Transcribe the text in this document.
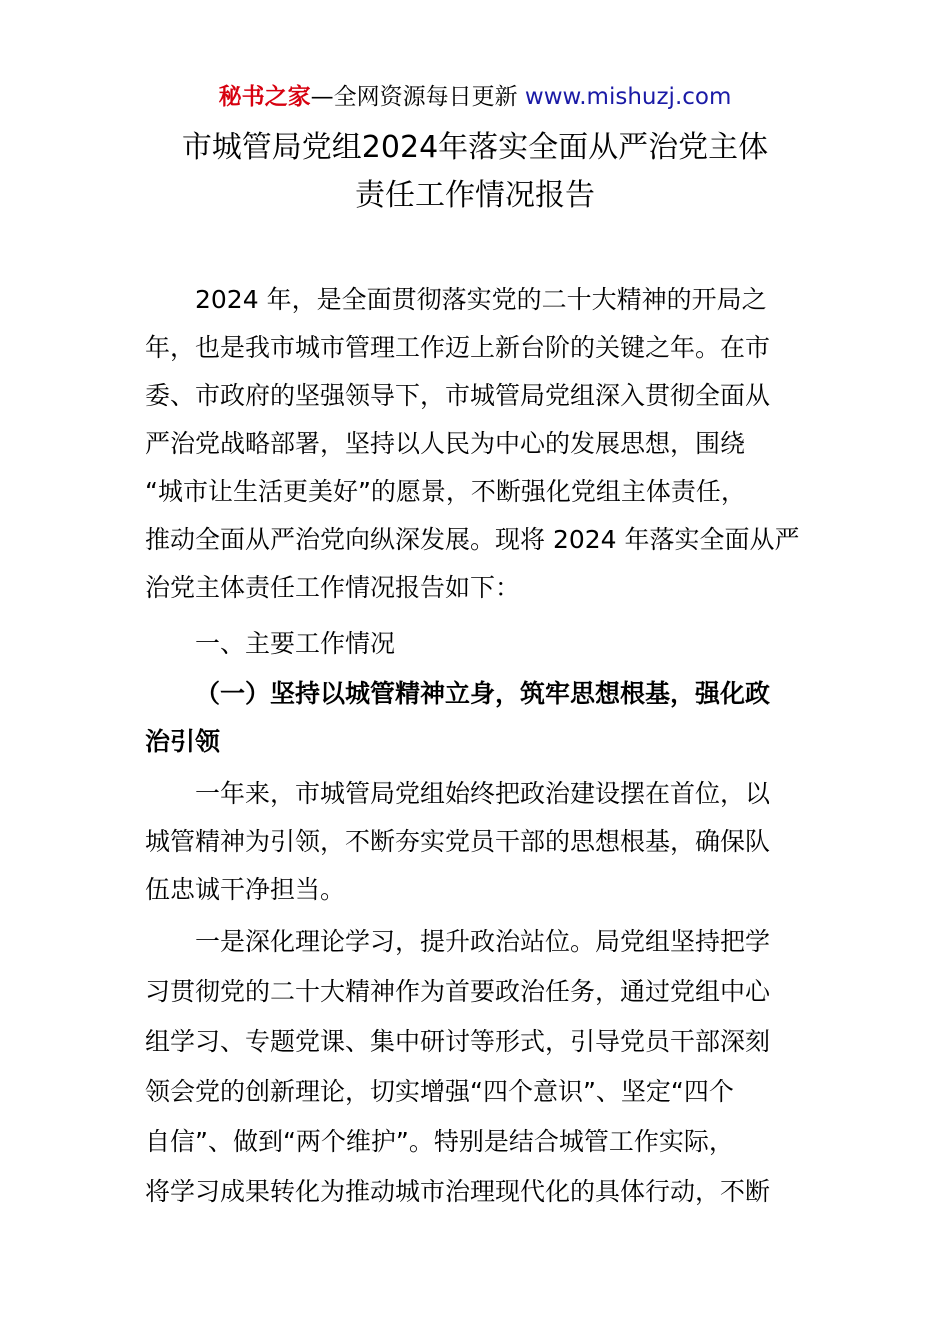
秘书之家—全网资源每日更新 www.mishuzj.com
市城管局党组2024年落实全面从严治党主体
责任工作情况报告
2024 年，是全面贯彻落实党的二十大精神的开局之
年，也是我市城市管理工作迈上新台阶的关键之年。在市
委、市政府的坚强领导下，市城管局党组深入贯彻全面从
严治党战略部署，坚持以人民为中心的发展思想，围绕
“城市让生活更美好”的愿景，不断强化党组主体责任，
推动全面从严治党向纵深发展。现将 2024 年落实全面从严
治党主体责任工作情况报告如下：
一、主要工作情况
（一）坚持以城管精神立身，筑牢思想根基，强化政
治引领
一年来，市城管局党组始终把政治建设摆在首位，以
城管精神为引领，不断夯实党员干部的思想根基，确保队
伍忠诚干净担当。
一是深化理论学习，提升政治站位。局党组坚持把学
习贯彻党的二十大精神作为首要政治任务，通过党组中心
组学习、专题党课、集中研讨等形式，引导党员干部深刻
领会党的创新理论，切实增强“四个意识”、坚定“四个
自信”、做到“两个维护”。特别是结合城管工作实际，
将学习成果转化为推动城市治理现代化的具体行动，不断
